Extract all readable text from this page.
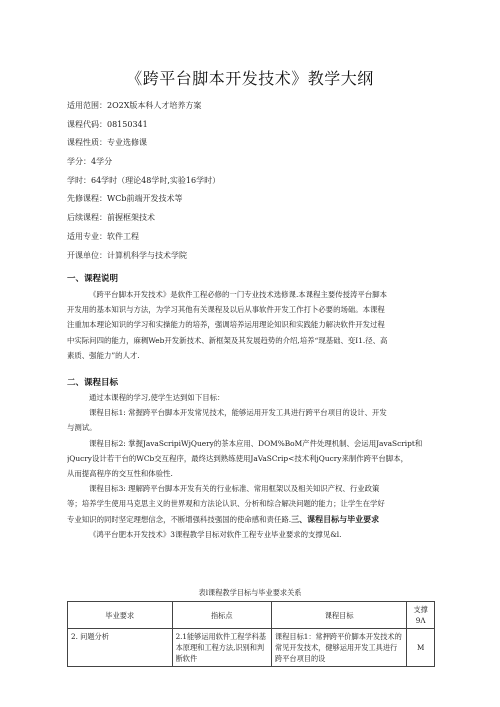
《跨平台脚本开发技术》教学大纲
适用范围：2O2X版本科人才培养方案
课程代码：08150341
课程性质：专业选修课
学分：4学分
学时：64学时（理论48学时,实验16学时）
先修课程：WCb前端开发技术等
后续课程：前握框架技术
适用专业：软件工程
开课单位：计算机科学与技术学院
一、课程说明
《跨平台脚本开发技术》是软件工程必修的一门专业技术选修课.本课程主要传授涛平台脚本
开发用的基本知识与方法，为学习其他有关课程及以后从事软件开发工作打卜必要的场础。本课程
注重加本理论知识的学习和实操能力的培养，强调培养运用理论知识和实践能力解决软件开发过程
中实际问四的能力，麻稠Web开发新技术、新框架及其发展趋势的介绍,培养“现基础、变I1.径、高
素质、强能力”的人才.
二、课程目标
通过本课程的学习,使学生达到如下目标：
课程目标1: 常握跨平台脚本开发常见技术，能够运用开发工具进行跨平台项目的设计、开发
与测试。
课程目标2: 掌握JavaScripiWjQuery的茶本应用、DOM%BoM产件处理机制、会运用JavaScript和
jQucry设计若干台的WCb交互程序，最终达到熟练使用JaVaSCrip<技术利jQucry来制作跨平台脚本，
从而提高程序的交互性和体验性.
课程目标3: 理解跨平台脚本开发有关的行业标准、常用框架以及相关知识产权、行业政策
等；培养学生使用马克思主义的世界观和方法论认识、分析和综合解决问题的能力；让学生在学好
专业知识的同时坚定理想信念，不断增强科技强国的使命感和责任路.三、课程目标与毕业要求
《鸿平台肥本开发技术》3课程教学目标对软件工程专业毕业要求的支撑见&l.
表l课程教学目标与毕业要求关系
毕业要求	指标点	课程目标	支撑9Λ
2. 问题分析	2.1能够运用软件工程学科基本原理和工程方法,识别和判断软件	课程目标1：常押跨平价脚本开发技术的常见开发技术，健够运用开发工具进行跨平台项目的设	M
